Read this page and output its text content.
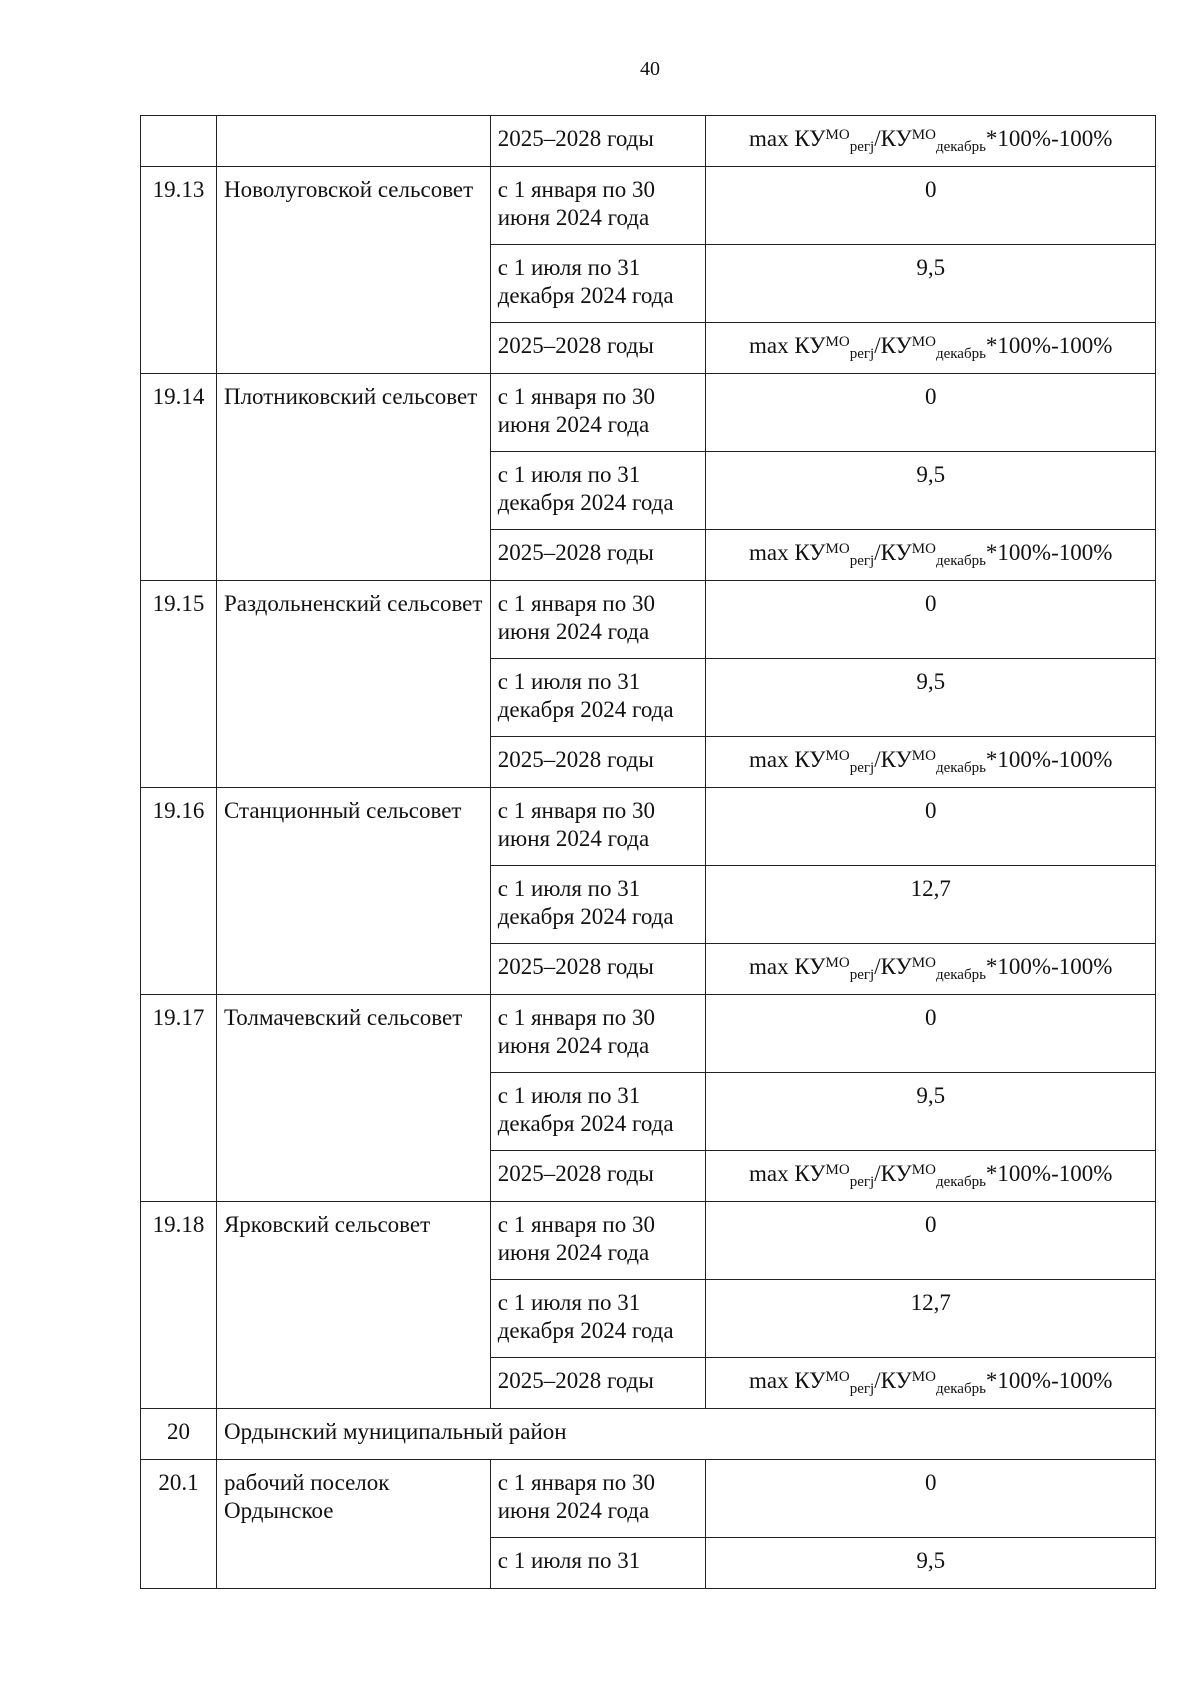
40
		2025–2028 годы	$\max КУ^{МО}_{регj}/КУ^{МО}_{декабрь}*100\%-100\%$
19.13	Новолуговской сельсовет	с 1 января по 30 июня 2024 года	0
		с 1 июля по 31 декабря 2024 года	9,5
		2025–2028 годы	$\max КУ^{МО}_{регj}/КУ^{МО}_{декабрь}*100\%-100\%$
19.14	Плотниковский сельсовет	с 1 января по 30 июня 2024 года	0
		с 1 июля по 31 декабря 2024 года	9,5
		2025–2028 годы	$\max КУ^{МО}_{регj}/КУ^{МО}_{декабрь}*100\%-100\%$
19.15	Раздольненский сельсовет	с 1 января по 30 июня 2024 года	0
		с 1 июля по 31 декабря 2024 года	9,5
		2025–2028 годы	$\max КУ^{МО}_{регj}/КУ^{МО}_{декабрь}*100\%-100\%$
19.16	Станционный сельсовет	с 1 января по 30 июня 2024 года	0
		с 1 июля по 31 декабря 2024 года	12,7
		2025–2028 годы	$\max КУ^{МО}_{регj}/КУ^{МО}_{декабрь}*100\%-100\%$
19.17	Толмачевский сельсовет	с 1 января по 30 июня 2024 года	0
		с 1 июля по 31 декабря 2024 года	9,5
		2025–2028 годы	$\max КУ^{МО}_{регj}/КУ^{МО}_{декабрь}*100\%-100\%$
19.18	Ярковский сельсовет	с 1 января по 30 июня 2024 года	0
		с 1 июля по 31 декабря 2024 года	12,7
		2025–2028 годы	$\max КУ^{МО}_{регj}/КУ^{МО}_{декабрь}*100\%-100\%$
20	Ордынский муниципальный район		
20.1	рабочий поселок Ордынское	с 1 января по 30 июня 2024 года	0
		с 1 июля по 31	9,5
